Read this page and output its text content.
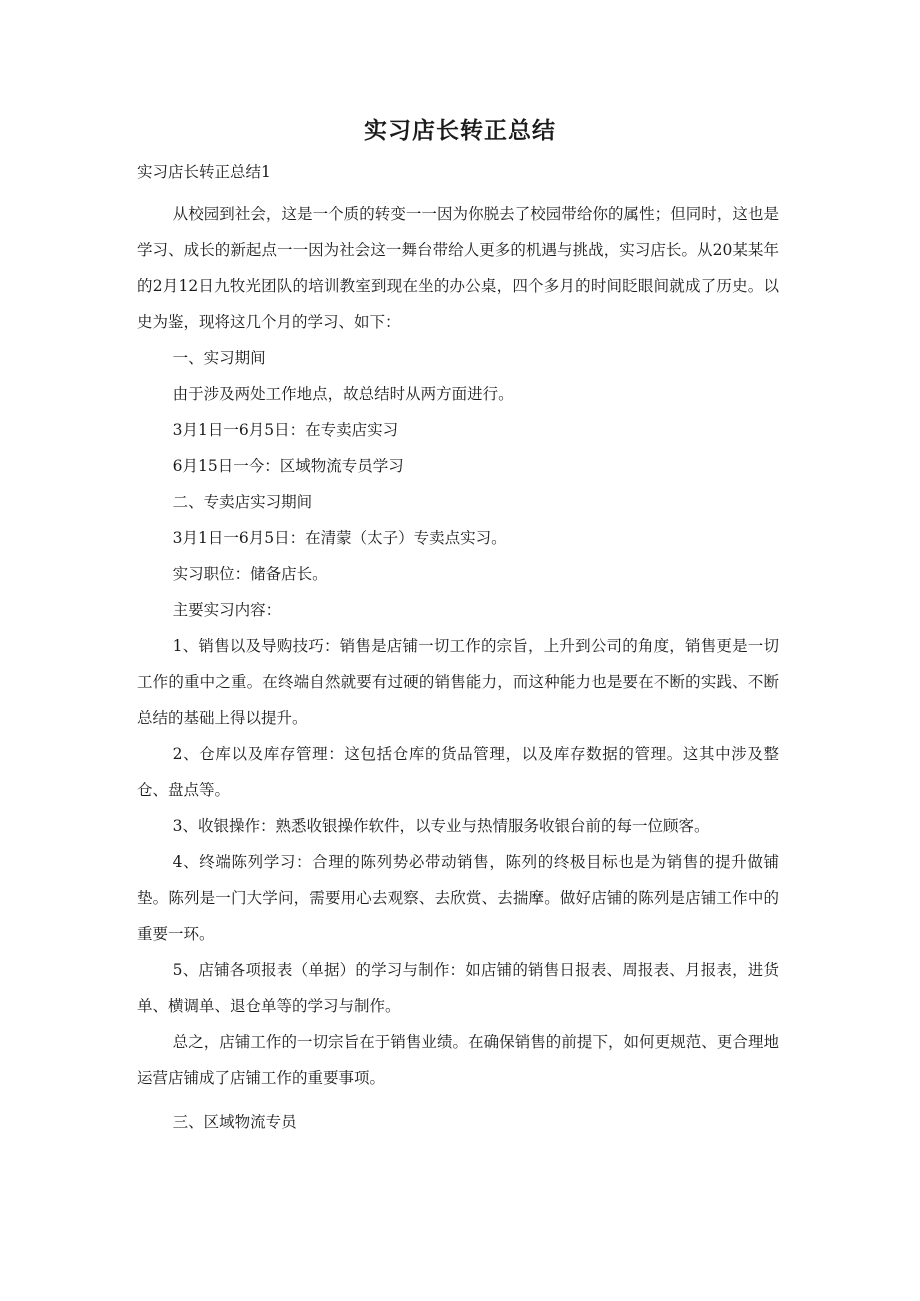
实习店长转正总结

实习店长转正总结1

从校园到社会，这是一个质的转变一一因为你脱去了校园带给你的属性；但同时，这也是学习、成长的新起点一一因为社会这一舞台带给人更多的机遇与挑战，实习店长。从20某某年的2月12日九牧光团队的培训教室到现在坐的办公桌，四个多月的时间眨眼间就成了历史。以史为鉴，现将这几个月的学习、如下：

一、实习期间

由于涉及两处工作地点，故总结时从两方面进行。

3月1日一6月5日：在专卖店实习

6月15日一今：区域物流专员学习

二、专卖店实习期间

3月1日一6月5日：在清蒙（太子）专卖点实习。

实习职位：储备店长。

主要实习内容：

1、销售以及导购技巧：销售是店铺一切工作的宗旨，上升到公司的角度，销售更是一切工作的重中之重。在终端自然就要有过硬的销售能力，而这种能力也是要在不断的实践、不断总结的基础上得以提升。

2、仓库以及库存管理：这包括仓库的货品管理，以及库存数据的管理。这其中涉及整仓、盘点等。

3、收银操作：熟悉收银操作软件，以专业与热情服务收银台前的每一位顾客。

4、终端陈列学习：合理的陈列势必带动销售，陈列的终极目标也是为销售的提升做铺垫。陈列是一门大学问，需要用心去观察、去欣赏、去揣摩。做好店铺的陈列是店铺工作中的重要一环。

5、店铺各项报表（单据）的学习与制作：如店铺的销售日报表、周报表、月报表，进货单、横调单、退仓单等的学习与制作。

总之，店铺工作的一切宗旨在于销售业绩。在确保销售的前提下，如何更规范、更合理地运营店铺成了店铺工作的重要事项。

三、区域物流专员
